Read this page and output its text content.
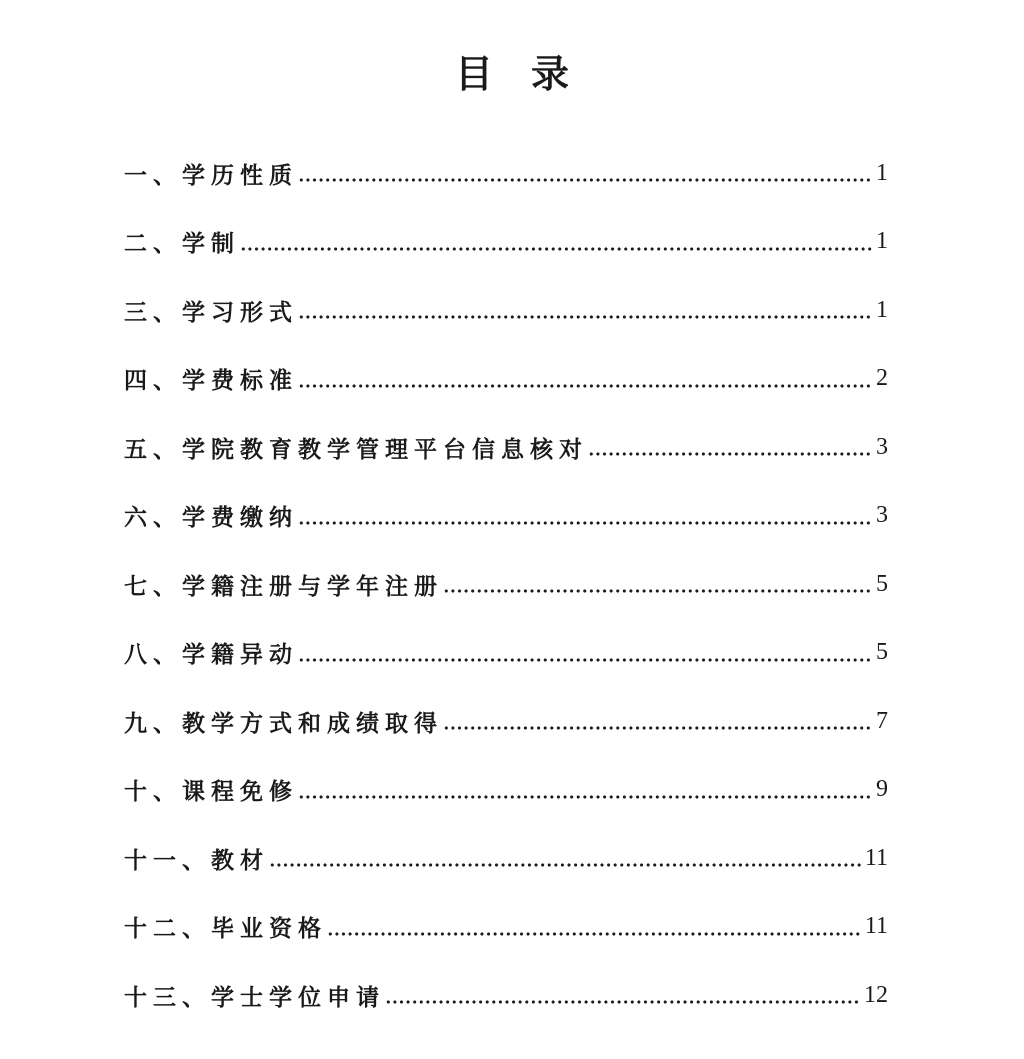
目　录
一、学历性质	1
二、学制	1
三、学习形式	1
四、学费标准	2
五、学院教育教学管理平台信息核对	3
六、学费缴纳	3
七、学籍注册与学年注册	5
八、学籍异动	5
九、教学方式和成绩取得	7
十、课程免修	9
十一、教材	11
十二、毕业资格	11
十三、学士学位申请	12
